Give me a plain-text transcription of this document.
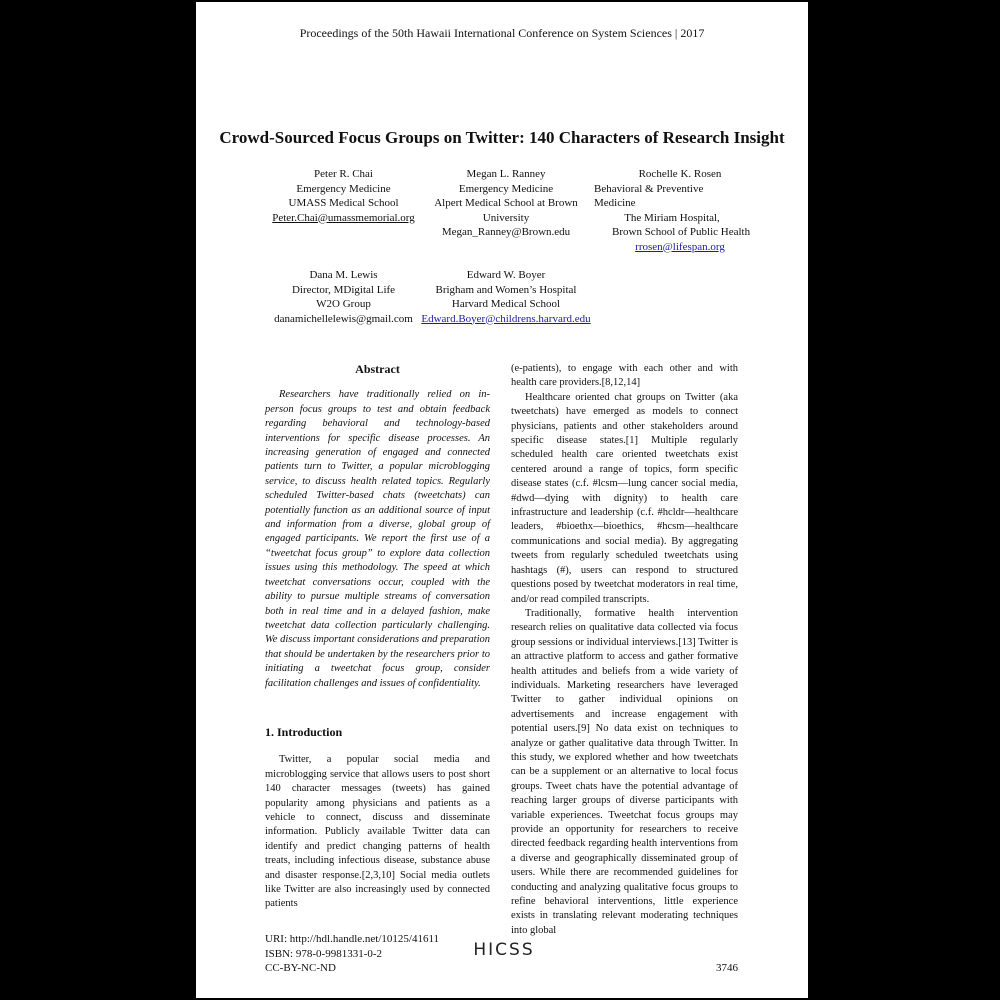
Proceedings of the 50th Hawaii International Conference on System Sciences | 2017
Crowd-Sourced Focus Groups on Twitter: 140 Characters of Research Insight
Peter R. Chai
Emergency Medicine
UMASS Medical School
Peter.Chai@umassmemorial.org
Megan L. Ranney
Emergency Medicine
Alpert Medical School at Brown
University
Megan_Ranney@Brown.edu
Rochelle K. Rosen
Behavioral & Preventive
Medicine
The Miriam Hospital,
Brown School of Public Health
rrosen@lifespan.org
Dana M. Lewis
Director, MDigital Life
W2O Group
danamichellelewis@gmail.com
Edward W. Boyer
Brigham and Women’s Hospital
Harvard Medical School
Edward.Boyer@childrens.harvard.edu
Abstract

Researchers have traditionally relied on in-person focus groups to test and obtain feedback regarding behavioral and technology-based interventions for specific disease processes. An increasing generation of engaged and connected patients turn to Twitter, a popular microblogging service, to discuss health related topics. Regularly scheduled Twitter-based chats (tweetchats) can potentially function as an additional source of input and information from a diverse, global group of engaged participants. We report the first use of a “tweetchat focus group” to explore data collection issues using this methodology. The speed at which tweetchat conversations occur, coupled with the ability to pursue multiple streams of conversation both in real time and in a delayed fashion, make tweetchat data collection particularly challenging. We discuss important considerations and preparation that should be undertaken by the researchers prior to initiating a tweetchat focus group, consider facilitation challenges and issues of confidentiality.

1. Introduction

Twitter, a popular social media and microblogging service that allows users to post short 140 character messages (tweets) has gained popularity among physicians and patients as a vehicle to connect, discuss and disseminate information. Publicly available Twitter data can identify and predict changing patterns of health treats, including infectious disease, substance abuse and disaster response.[2,3,10] Social media outlets like Twitter are also increasingly used by connected patients

(e-patients), to engage with each other and with health care providers.[8,12,14]

Healthcare oriented chat groups on Twitter (aka tweetchats) have emerged as models to connect physicians, patients and other stakeholders around specific disease states.[1] Multiple regularly scheduled health care oriented tweetchats exist centered around a range of topics, form specific disease states (c.f. #lcsm—lung cancer social media, #dwd—dying with dignity) to health care infrastructure and leadership (c.f. #hcldr—healthcare leaders, #bioethx—bioethics, #hcsm—healthcare communications and social media). By aggregating tweets from regularly scheduled tweetchats using hashtags (#), users can respond to structured questions posed by tweetchat moderators in real time, and/or read compiled transcripts.

Traditionally, formative health intervention research relies on qualitative data collected via focus group sessions or individual interviews.[13] Twitter is an attractive platform to access and gather formative health attitudes and beliefs from a wide variety of individuals. Marketing researchers have leveraged Twitter to gather individual opinions on advertisements and increase engagement with potential users.[9] No data exist on techniques to analyze or gather qualitative data through Twitter. In this study, we explored whether and how tweetchats can be a supplement or an alternative to local focus groups. Tweet chats have the potential advantage of reaching larger groups of diverse participants with variable experiences. Tweetchat focus groups may provide an opportunity for researchers to receive directed feedback regarding health interventions from a diverse and geographically disseminated group of users. While there are recommended guidelines for conducting and analyzing qualitative focus groups to refine behavioral interventions, little experience exists in translating relevant moderating techniques into global

URI: http://hdl.handle.net/10125/41611
ISBN: 978-0-9981331-0-2
CC-BY-NC-ND
HICSS
3746
